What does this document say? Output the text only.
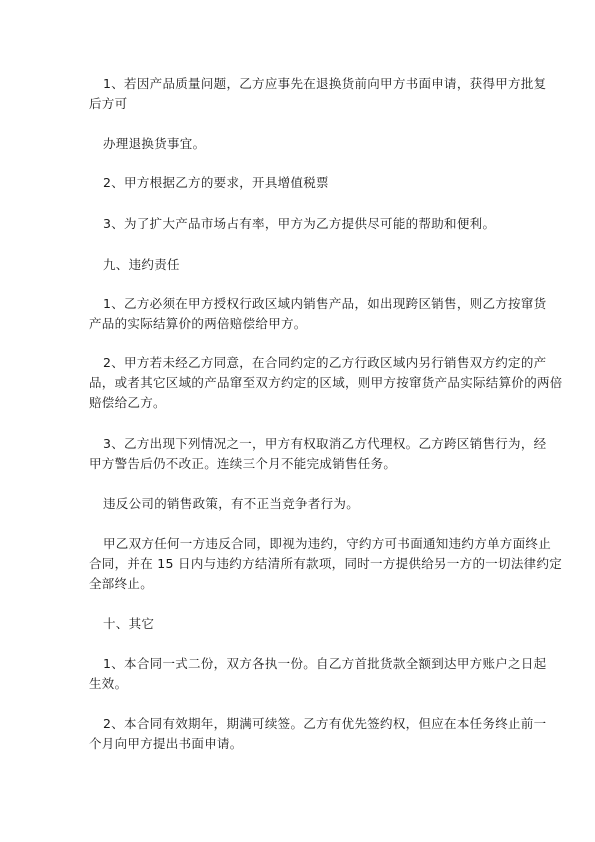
1、若因产品质量问题，乙方应事先在退换货前向甲方书面申请，获得甲方批复
后方可
办理退换货事宜。
2、甲方根据乙方的要求，开具增值税票
3、为了扩大产品市场占有率，甲方为乙方提供尽可能的帮助和便利。
九、违约责任
1、乙方必须在甲方授权行政区域内销售产品，如出现跨区销售，则乙方按窜货
产品的实际结算价的两倍赔偿给甲方。
2、甲方若未经乙方同意，在合同约定的乙方行政区域内另行销售双方约定的产
品，或者其它区域的产品窜至双方约定的区域，则甲方按窜货产品实际结算价的两倍
赔偿给乙方。
3、乙方出现下列情况之一，甲方有权取消乙方代理权。乙方跨区销售行为，经
甲方警告后仍不改正。连续三个月不能完成销售任务。
违反公司的销售政策，有不正当竞争者行为。
甲乙双方任何一方违反合同，即视为违约，守约方可书面通知违约方单方面终止
合同，并在 15 日内与违约方结清所有款项，同时一方提供给另一方的一切法律约定
全部终止。
十、其它
1、本合同一式二份，双方各执一份。自乙方首批货款全额到达甲方账户之日起
生效。
2、本合同有效期年，期满可续签。乙方有优先签约权，但应在本任务终止前一
个月向甲方提出书面申请。
